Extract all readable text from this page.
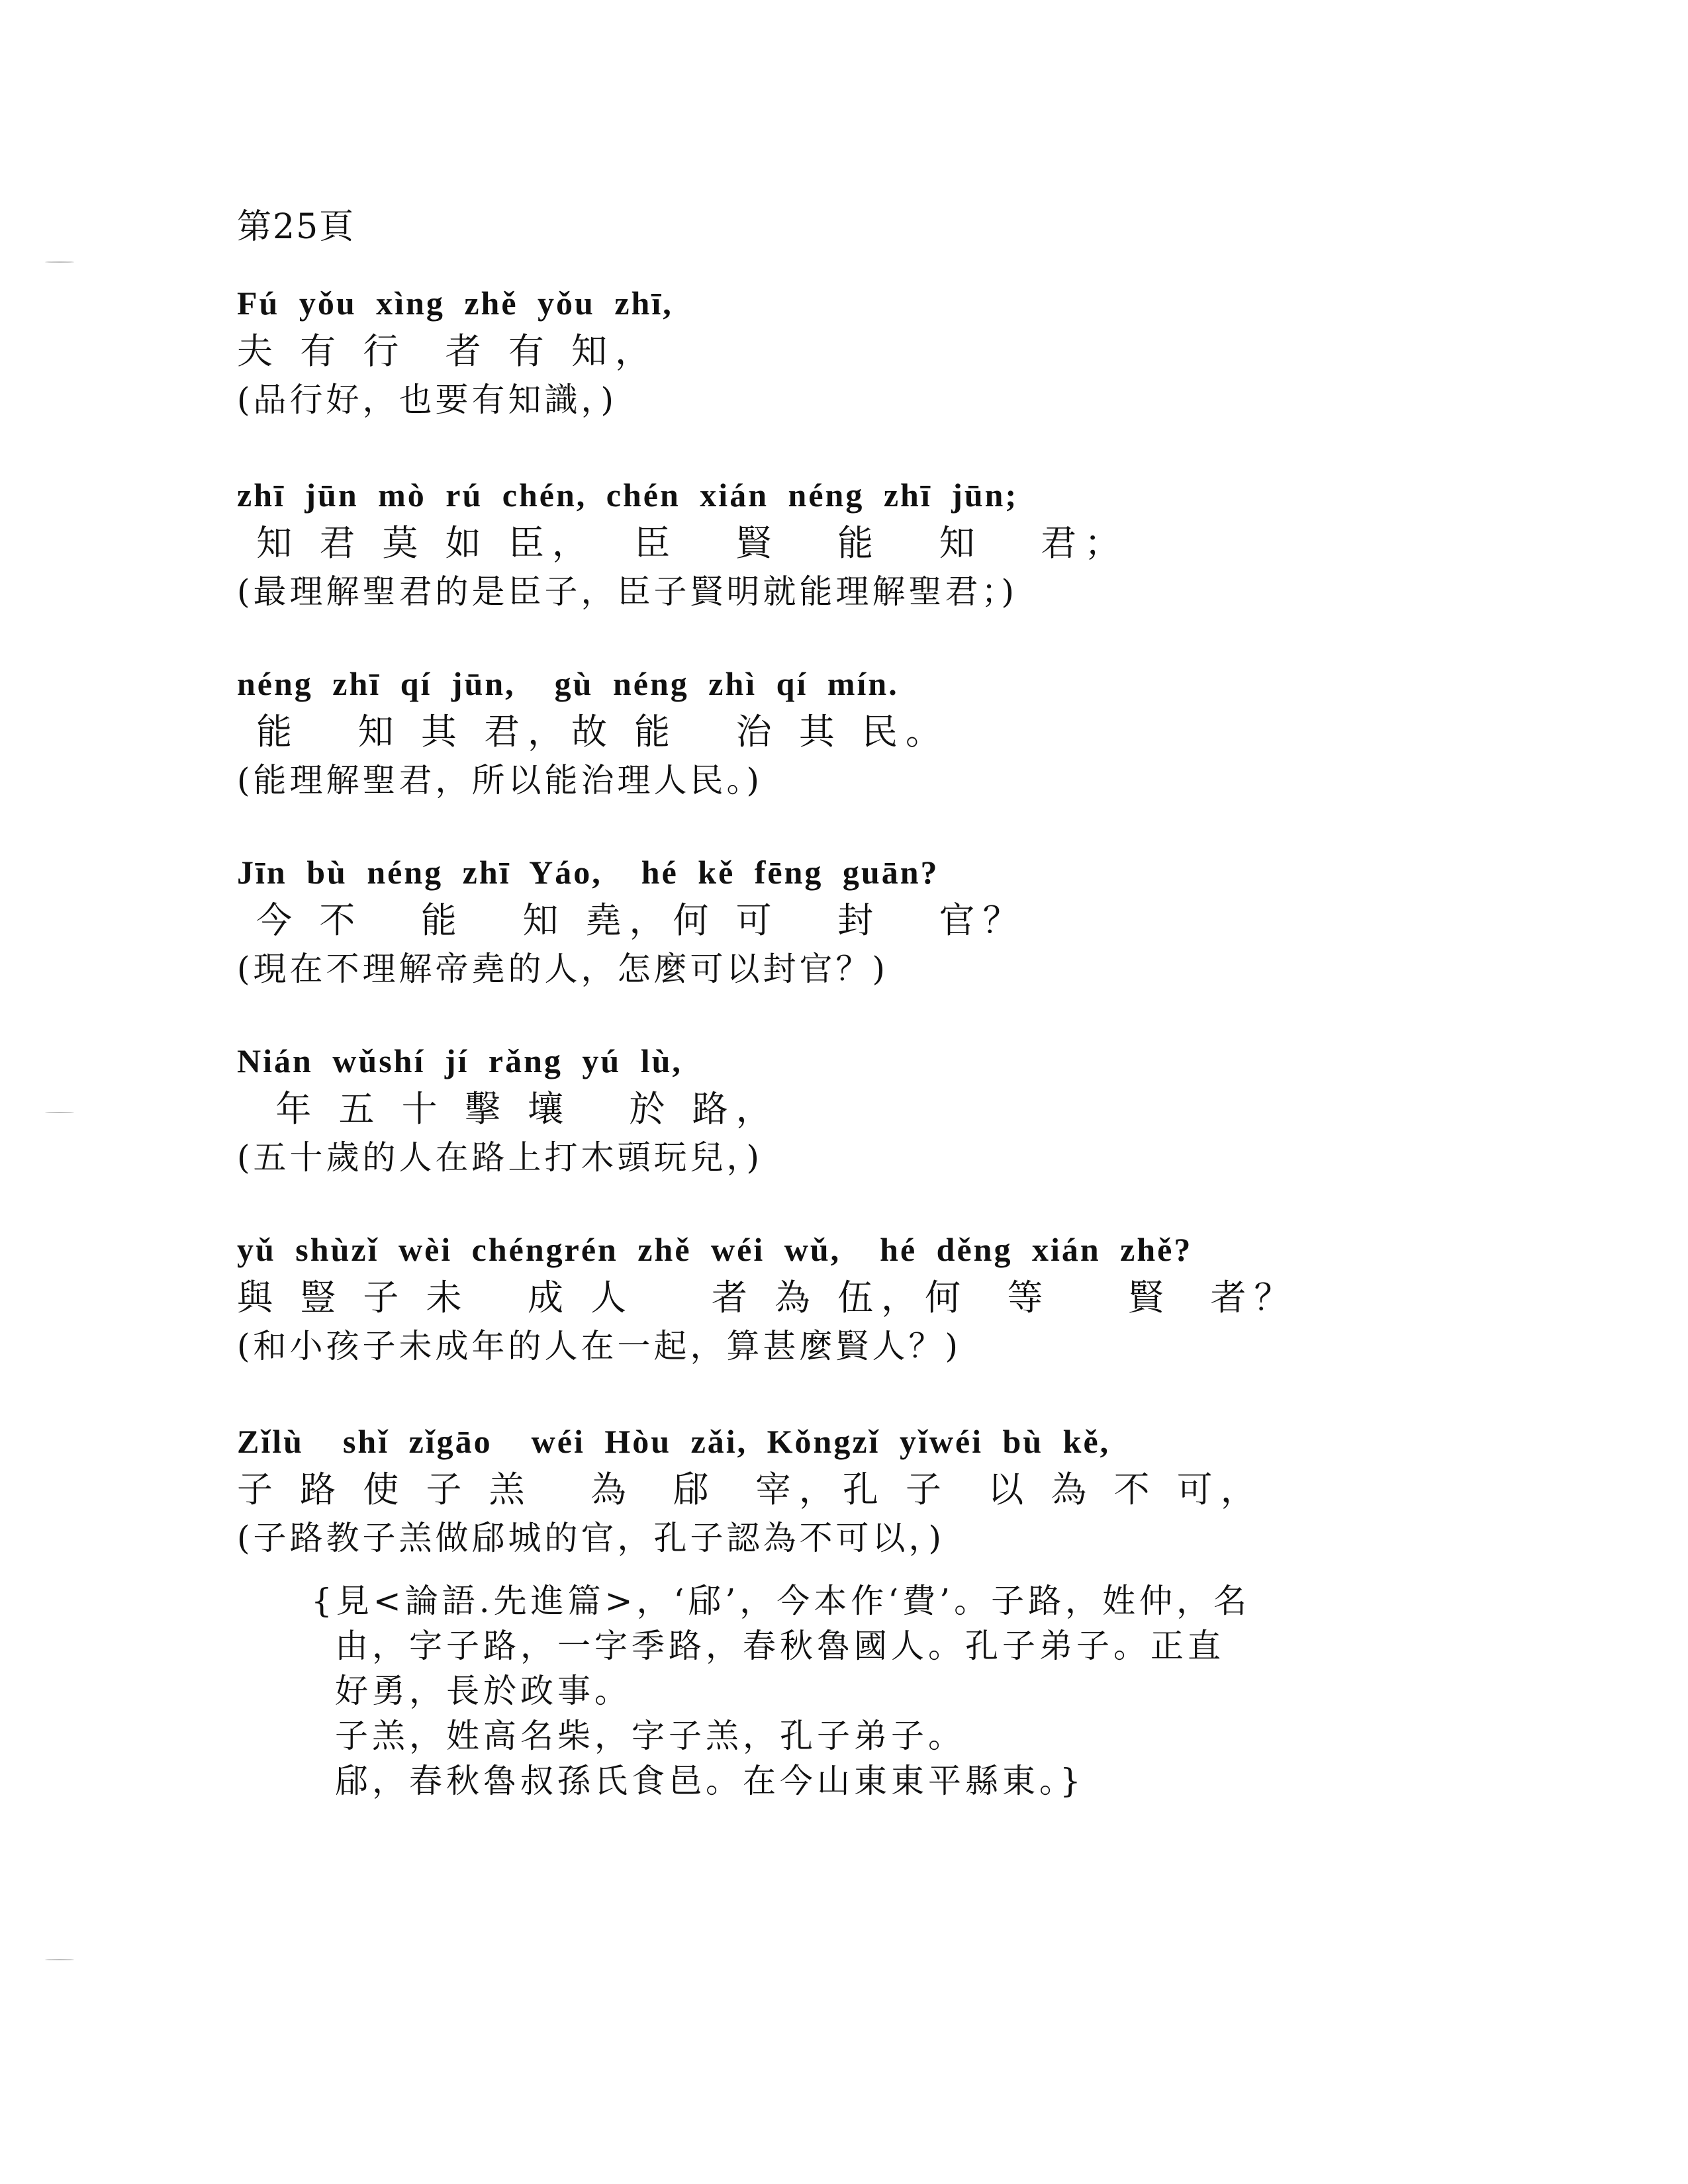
第25頁
Fú yǒu xìng zhě yǒu zhī,
夫 有 行  者 有 知，
(品行好，也要有知識，)
zhī jūn mò rú chén, chén xián néng zhī jūn;
知 君 莫 如 臣，  臣   賢   能   知   君；
(最理解聖君的是臣子，臣子賢明就能理解聖君；)
néng zhī qí jūn,  gù néng zhì qí mín.
能   知 其 君，故 能   治 其 民。
(能理解聖君，所以能治理人民。)
Jīn bù néng zhī Yáo,  hé kě fēng guān?
今 不   能   知 堯，何 可   封   官？
(現在不理解帝堯的人，怎麼可以封官？)
Nián wǔshí jí rǎng yú lù,
年 五 十 擊 壤   於 路，
(五十歲的人在路上打木頭玩兒，)
yǔ shùzǐ wèi chéngrén zhě wéi wǔ,  hé děng xián zhě?
與 豎 子 未   成 人    者 為 伍，何  等    賢  者？
(和小孩子未成年的人在一起，算甚麼賢人？)
Zǐlù  shǐ zǐgāo  wéi Hòu zǎi, Kǒngzǐ yǐwéi bù kě,
子 路 使 子 羔   為  郈  宰，孔 子  以 為 不 可，
(子路教子羔做郈城的官，孔子認為不可以，)
{見<論語.先進篇>，‘郈’，今本作‘費’。子路，姓仲，名
由，字子路，一字季路，春秋魯國人。孔子弟子。正直
好勇，長於政事。
子羔，姓高名柴，字子羔，孔子弟子。
郈，春秋魯叔孫氏食邑。在今山東東平縣東。}
